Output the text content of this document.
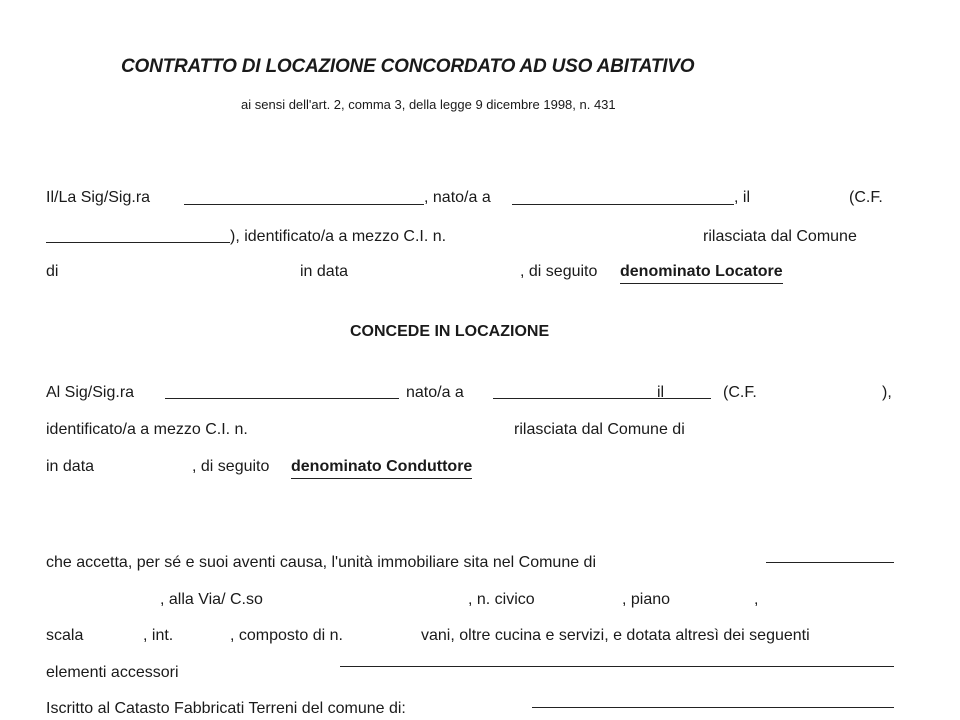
CONTRATTO DI LOCAZIONE CONCORDATO AD USO ABITATIVO
ai sensi dell'art. 2, comma 3, della legge 9 dicembre 1998, n. 431
Il/La Sig/Sig.ra	, nato/a a	, il	(C.F.
), identificato/a a mezzo C.I. n.	rilasciata dal Comune
di	in data	, di seguito denominato Locatore
CONCEDE IN LOCAZIONE
Al Sig/Sig.ra	nato/a a	il	(C.F.	),
identificato/a a mezzo C.I. n.	rilasciata dal Comune di
in data	, di seguito denominato Conduttore
che accetta, per sé e suoi aventi causa, l'unità immobiliare sita nel Comune di
, alla Via/ C.so	, n. civico	, piano	,
scala	, int.	, composto di n.	vani, oltre cucina e servizi, e dotata altresì dei seguenti
elementi accessori
Iscritto al Catasto Fabbricati Terreni del comune di:
